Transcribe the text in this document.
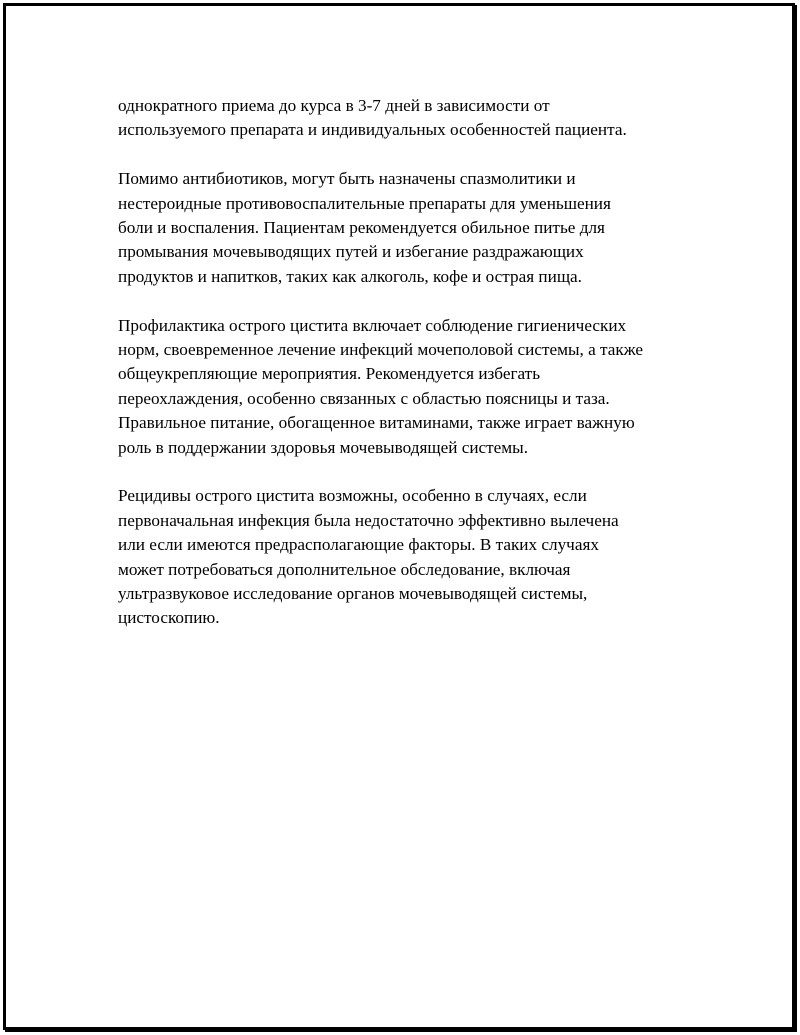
однократного приема до курса в 3-7 дней в зависимости от
используемого препарата и индивидуальных особенностей пациента.

Помимо антибиотиков, могут быть назначены спазмолитики и
нестероидные противовоспалительные препараты для уменьшения
боли и воспаления. Пациентам рекомендуется обильное питье для
промывания мочевыводящих путей и избегание раздражающих
продуктов и напитков, таких как алкоголь, кофе и острая пища.

Профилактика острого цистита включает соблюдение гигиенических
норм, своевременное лечение инфекций мочеполовой системы, а также
общеукрепляющие мероприятия. Рекомендуется избегать
переохлаждения, особенно связанных с областью поясницы и таза.
Правильное питание, обогащенное витаминами, также играет важную
роль в поддержании здоровья мочевыводящей системы.

Рецидивы острого цистита возможны, особенно в случаях, если
первоначальная инфекция была недостаточно эффективно вылечена
или если имеются предрасполагающие факторы. В таких случаях
может потребоваться дополнительное обследование, включая
ультразвуковое исследование органов мочевыводящей системы,
цистоскопию.
